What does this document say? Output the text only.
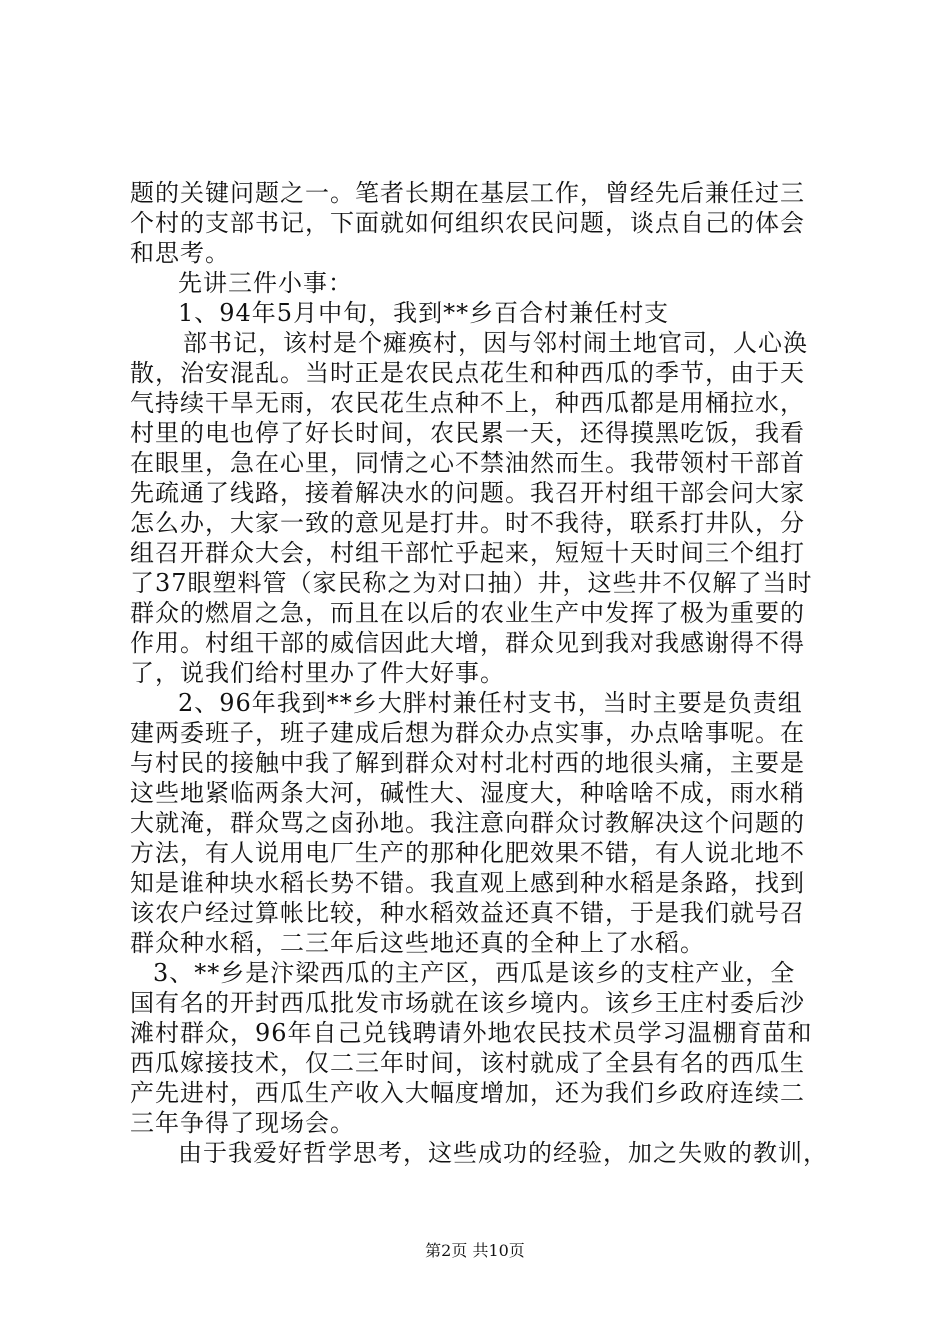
题的关键问题之一。笔者长期在基层工作，曾经先后兼任过三
个村的支部书记，下面就如何组织农民问题，谈点自己的体会
和思考。
先讲三件小事：
1、94年5月中旬，我到**乡百合村兼任村支
部书记，该村是个瘫痪村，因与邻村闹土地官司，人心涣
散，治安混乱。当时正是农民点花生和种西瓜的季节，由于天
气持续干旱无雨，农民花生点种不上，种西瓜都是用桶拉水，
村里的电也停了好长时间，农民累一天，还得摸黑吃饭，我看
在眼里，急在心里，同情之心不禁油然而生。我带领村干部首
先疏通了线路，接着解决水的问题。我召开村组干部会问大家
怎么办，大家一致的意见是打井。时不我待，联系打井队，分
组召开群众大会，村组干部忙乎起来，短短十天时间三个组打
了37眼塑料管（家民称之为对口抽）井，这些井不仅解了当时
群众的燃眉之急，而且在以后的农业生产中发挥了极为重要的
作用。村组干部的威信因此大增，群众见到我对我感谢得不得
了，说我们给村里办了件大好事。
2、96年我到**乡大胖村兼任村支书，当时主要是负责组
建两委班子，班子建成后想为群众办点实事，办点啥事呢。在
与村民的接触中我了解到群众对村北村西的地很头痛，主要是
这些地紧临两条大河，碱性大、湿度大，种啥啥不成，雨水稍
大就淹，群众骂之卤孙地。我注意向群众讨教解决这个问题的
方法，有人说用电厂生产的那种化肥效果不错，有人说北地不
知是谁种块水稻长势不错。我直观上感到种水稻是条路，找到
该农户经过算帐比较，种水稻效益还真不错，于是我们就号召
群众种水稻，二三年后这些地还真的全种上了水稻。
3、**乡是汴梁西瓜的主产区，西瓜是该乡的支柱产业，全
国有名的开封西瓜批发市场就在该乡境内。该乡王庄村委后沙
滩村群众，96年自己兑钱聘请外地农民技术员学习温棚育苗和
西瓜嫁接技术，仅二三年时间，该村就成了全县有名的西瓜生
产先进村，西瓜生产收入大幅度增加，还为我们乡政府连续二
三年争得了现场会。
由于我爱好哲学思考，这些成功的经验，加之失败的教训，
第2页 共10页
